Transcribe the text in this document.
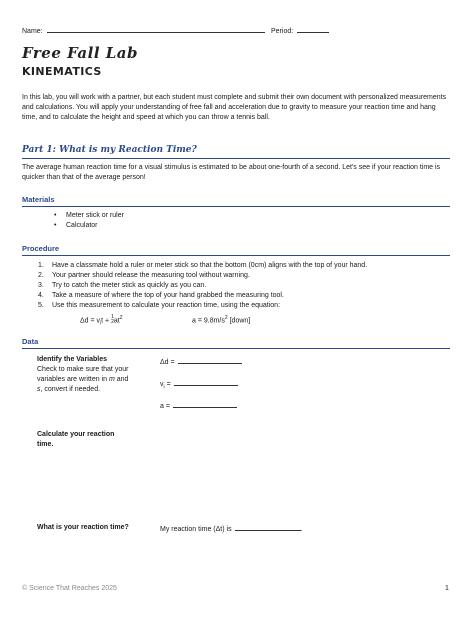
Name:	Period:
Free Fall Lab
KINEMATICS
In this lab, you will work with a partner, but each student must complete and submit their own document with personalized measurements and calculations. You will apply your understanding of free fall and acceleration due to gravity to measure your reaction time and hang time, and to calculate the height and speed at which you can throw a tennis ball.
Part 1: What is my Reaction Time?
The average human reaction time for a visual stimulus is estimated to be about one-fourth of a second. Let's see if your reaction time is quicker than that of the average person!
Materials
• Meter stick or ruler
• Calculator
Procedure
1. Have a classmate hold a ruler or meter stick so that the bottom (0cm) aligns with the top of your hand.
2. Your partner should release the measuring tool without warning.
3. Try to catch the meter stick as quickly as you can.
4. Take a measure of where the top of your hand grabbed the measuring tool.
5. Use this measurement to calculate your reaction time, using the equation:
$\Delta d = v_it + 1$
$2at^2$	$a = 9.8m/s^2$ [down]
Data
Identify the Variables
Check to make sure that your
variables are written in m and
s, convert if needed.
Δd =
$v_i$ =
a =
Calculate your reaction
time.
What is your reaction time?	My reaction time (Δt) is	.
© Science That Reaches 2025	1
